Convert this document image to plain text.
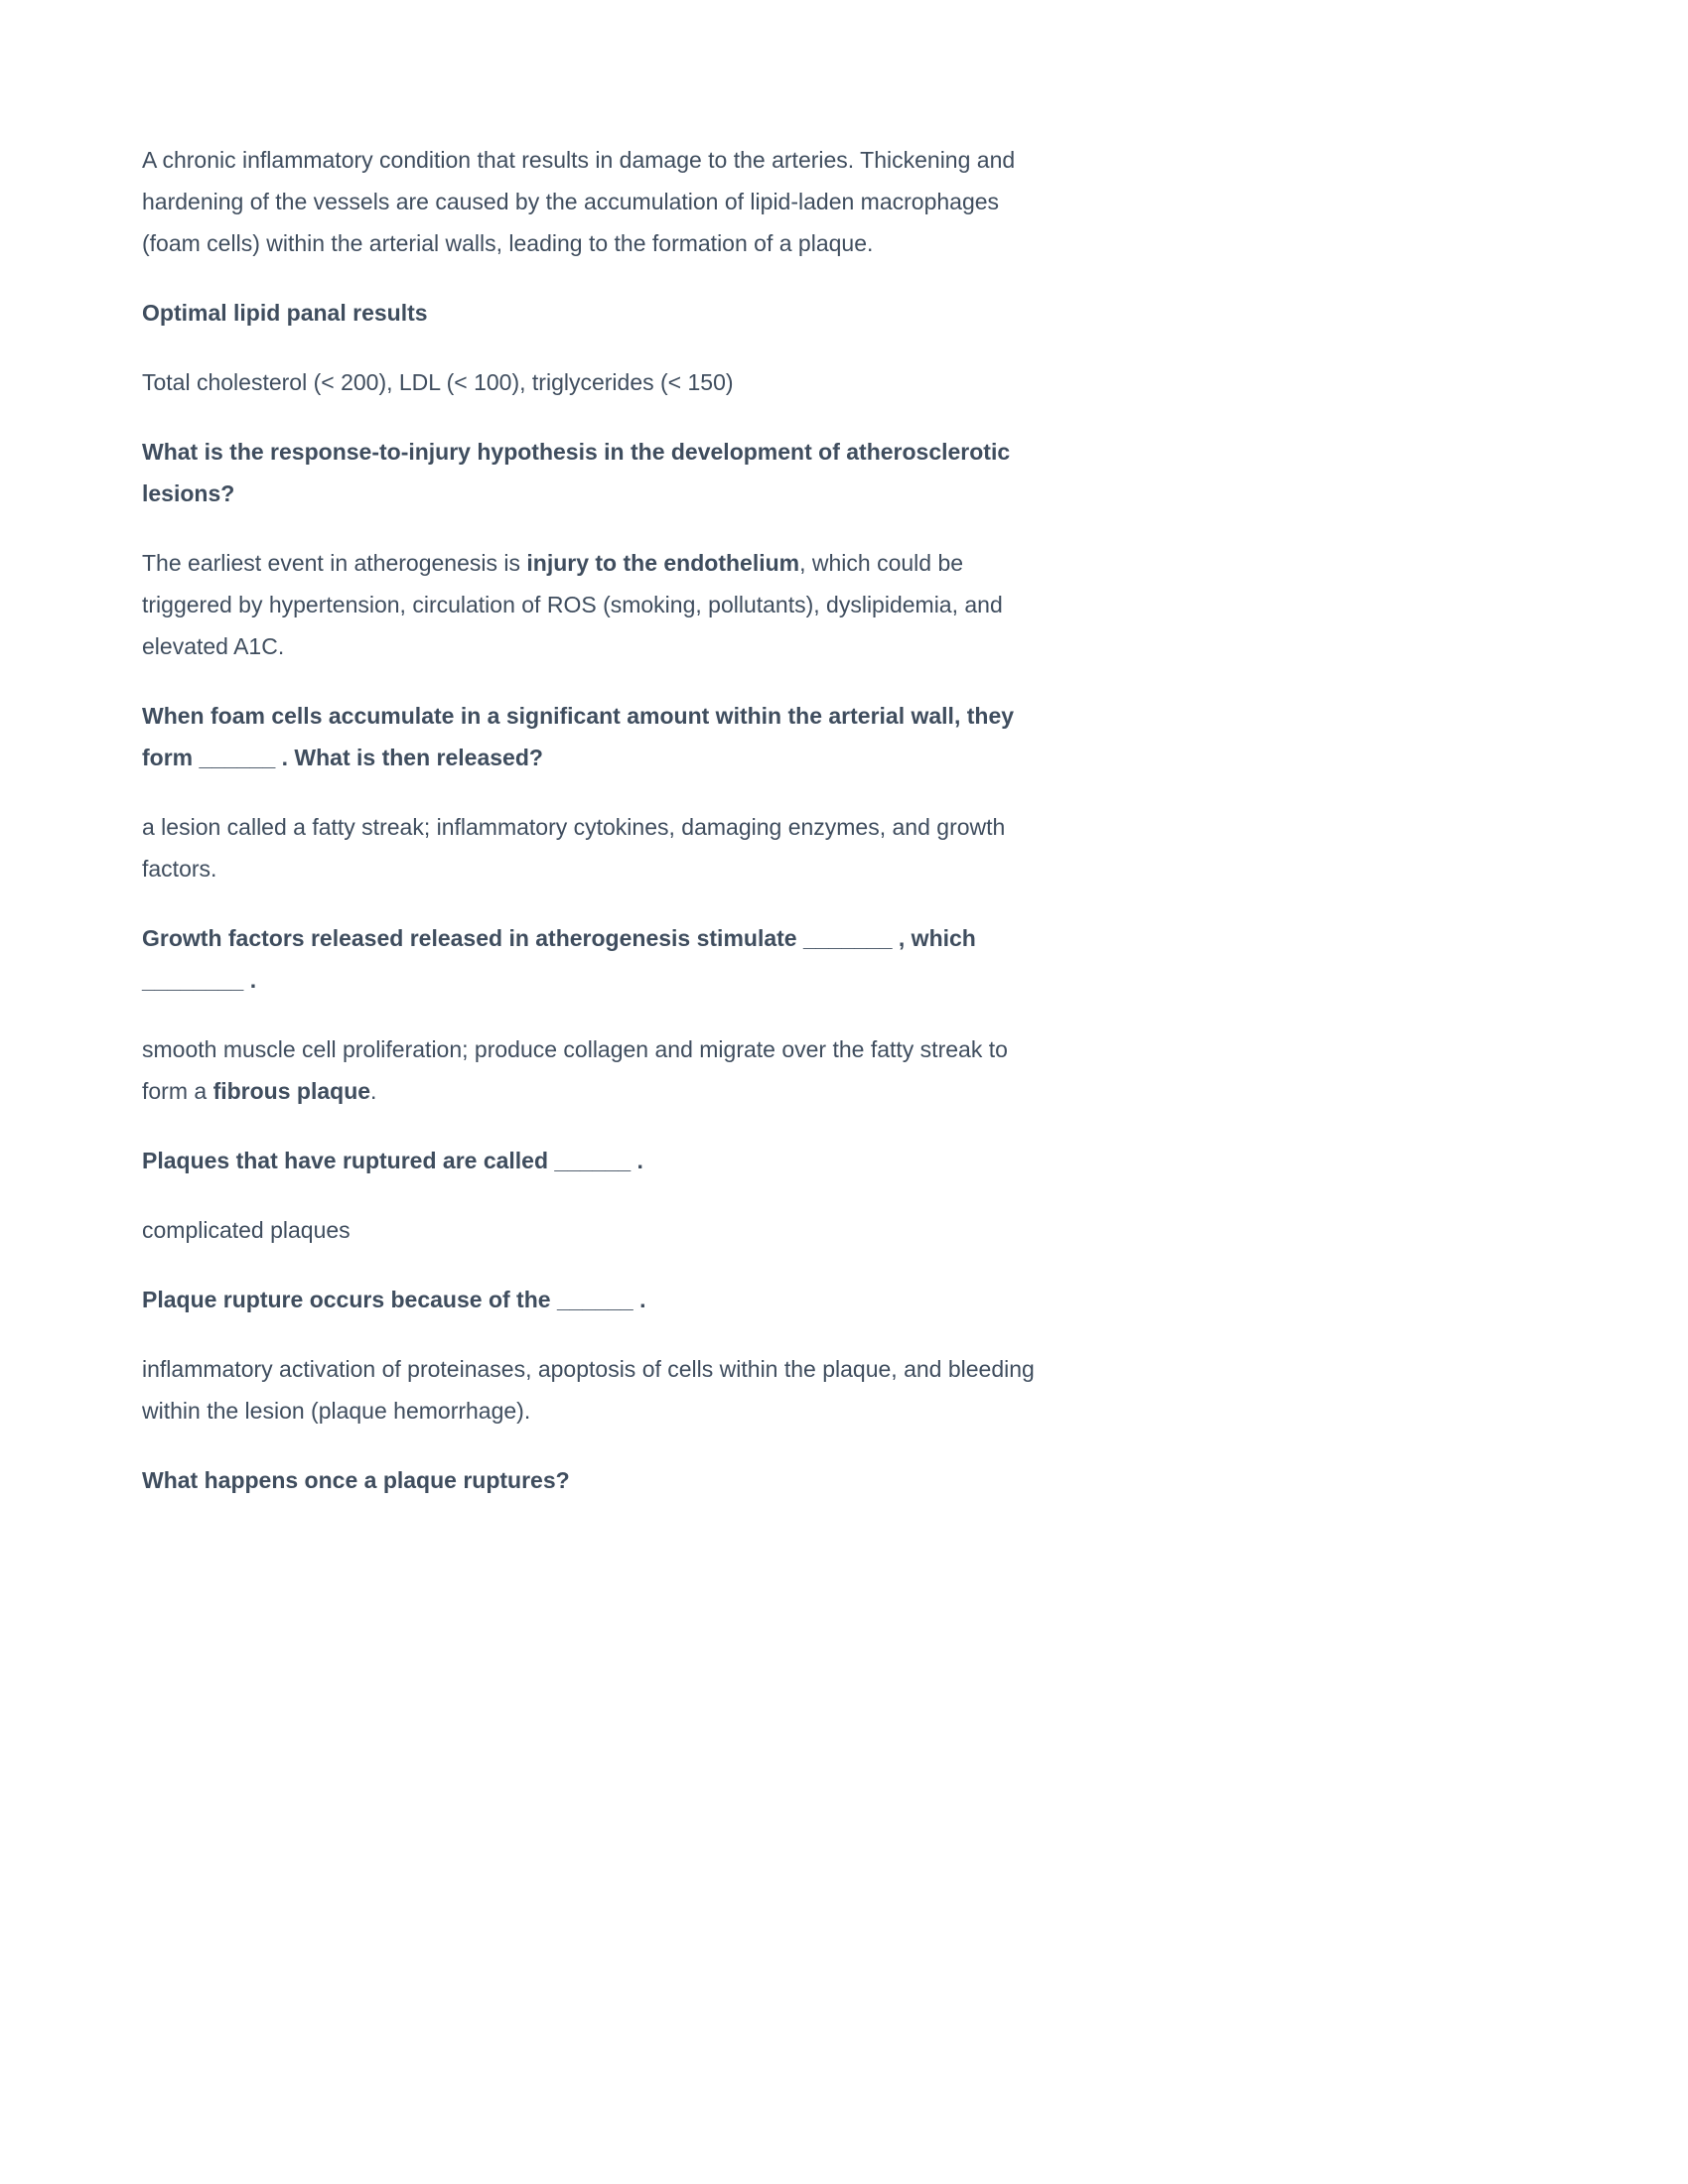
A chronic inflammatory condition that results in damage to the arteries. Thickening and hardening of the vessels are caused by the accumulation of lipid-laden macrophages (foam cells) within the arterial walls, leading to the formation of a plaque.

Optimal lipid panal results

Total cholesterol (< 200), LDL (< 100), triglycerides (< 150)

What is the response-to-injury hypothesis in the development of atherosclerotic lesions?

The earliest event in atherogenesis is injury to the endothelium, which could be triggered by hypertension, circulation of ROS (smoking, pollutants), dyslipidemia, and elevated A1C.

When foam cells accumulate in a significant amount within the arterial wall, they form ______ . What is then released?

a lesion called a fatty streak; inflammatory cytokines, damaging enzymes, and growth factors.

Growth factors released released in atherogenesis stimulate _______ , which ________ .

smooth muscle cell proliferation; produce collagen and migrate over the fatty streak to form a fibrous plaque.

Plaques that have ruptured are called ______ .

complicated plaques

Plaque rupture occurs because of the ______ .

inflammatory activation of proteinases, apoptosis of cells within the plaque, and bleeding within the lesion (plaque hemorrhage).

What happens once a plaque ruptures?
